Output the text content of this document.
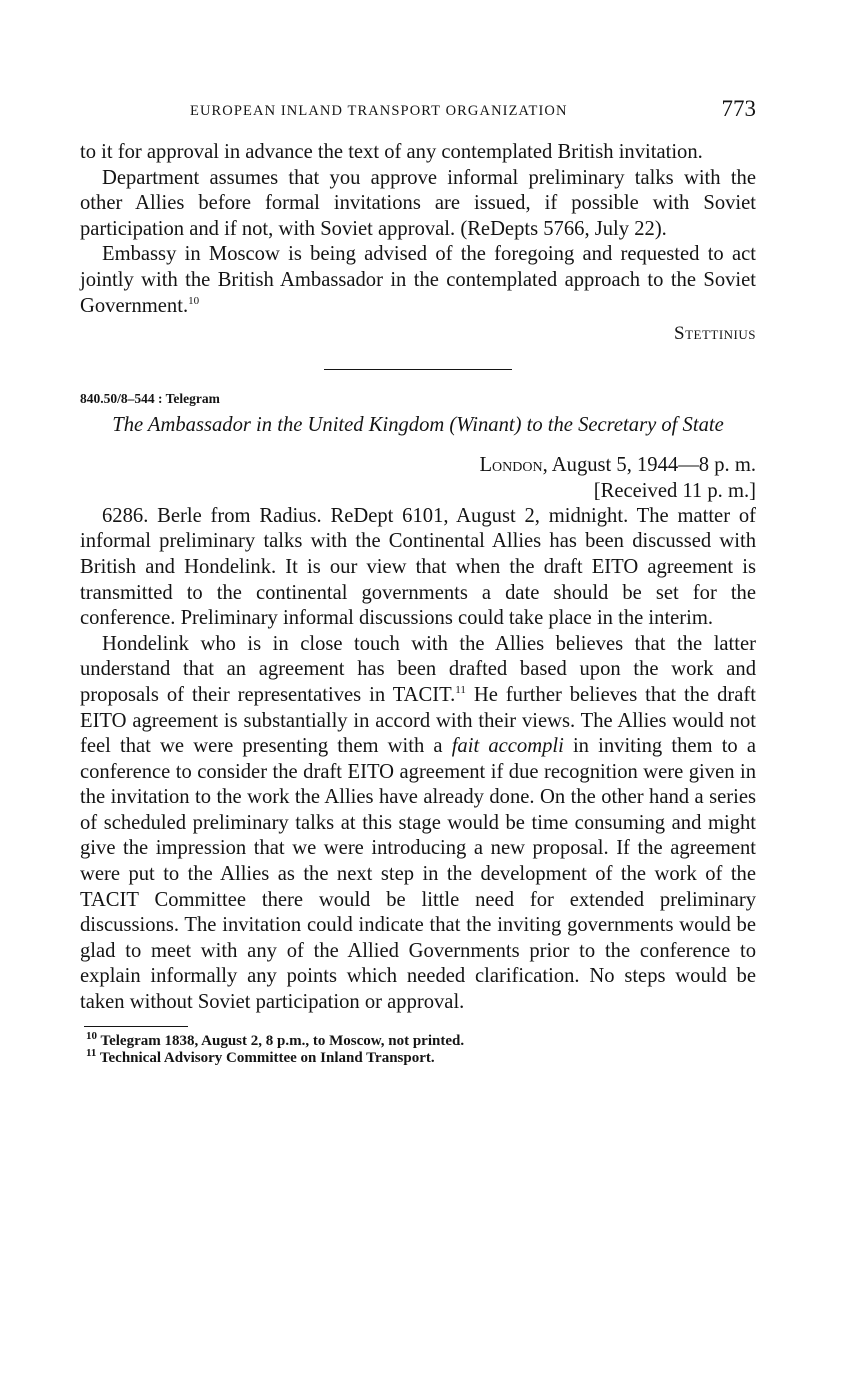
EUROPEAN INLAND TRANSPORT ORGANIZATION	773

to it for approval in advance the text of any contemplated British invitation.

Department assumes that you approve informal preliminary talks with the other Allies before formal invitations are issued, if possible with Soviet participation and if not, with Soviet approval. (ReDepts 5766, July 22).

Embassy in Moscow is being advised of the foregoing and requested to act jointly with the British Ambassador in the contemplated approach to the Soviet Government.$^{10}$

Stettinius
840.50/8–544 : Telegram
The Ambassador in the United Kingdom (Winant) to the Secretary of State
London, August 5, 1944—8 p. m.
[Received 11 p. m.]

6286. Berle from Radius. ReDept 6101, August 2, midnight. The matter of informal preliminary talks with the Continental Allies has been discussed with British and Hondelink. It is our view that when the draft EITO agreement is transmitted to the continental governments a date should be set for the conference. Preliminary informal discussions could take place in the interim.

Hondelink who is in close touch with the Allies believes that the latter understand that an agreement has been drafted based upon the work and proposals of their representatives in TACIT.$^{11}$ He further believes that the draft EITO agreement is substantially in accord with their views. The Allies would not feel that we were presenting them with a fait accompli in inviting them to a conference to consider the draft EITO agreement if due recognition were given in the invitation to the work the Allies have already done. On the other hand a series of scheduled preliminary talks at this stage would be time consuming and might give the impression that we were introducing a new proposal. If the agreement were put to the Allies as the next step in the development of the work of the TACIT Committee there would be little need for extended preliminary discussions. The invitation could indicate that the inviting governments would be glad to meet with any of the Allied Governments prior to the conference to explain informally any points which needed clarification. No steps would be taken without Soviet participation or approval.

$^{10}$ Telegram 1838, August 2, 8 p.m., to Moscow, not printed.
$^{11}$ Technical Advisory Committee on Inland Transport.
